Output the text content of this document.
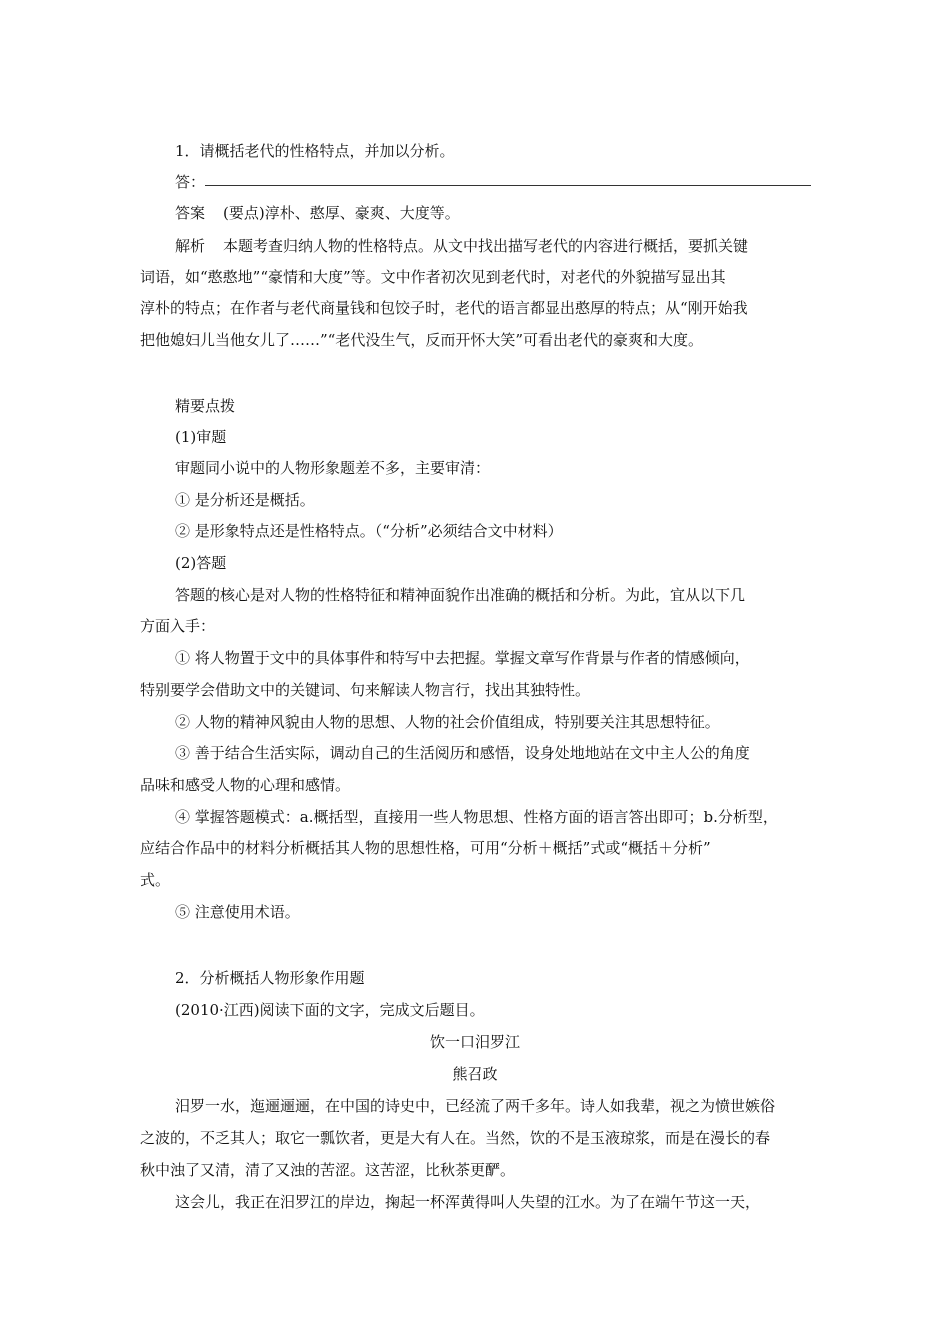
1．请概括老代的性格特点，并加以分析。
答：
答案 (要点)淳朴、憨厚、豪爽、大度等。
解析 本题考查归纳人物的性格特点。从文中找出描写老代的内容进行概括，要抓关键
词语，如“憨憨地”“豪情和大度”等。文中作者初次见到老代时，对老代的外貌描写显出其
淳朴的特点；在作者与老代商量钱和包饺子时，老代的语言都显出憨厚的特点；从“刚开始我
把他媳妇儿当他女儿了……”“老代没生气，反而开怀大笑”可看出老代的豪爽和大度。
精要点拨
(1)审题
审题同小说中的人物形象题差不多，主要审清：
① 是分析还是概括。
② 是形象特点还是性格特点。（“分析”必须结合文中材料）
(2)答题
答题的核心是对人物的性格特征和精神面貌作出准确的概括和分析。为此，宜从以下几
方面入手：
① 将人物置于文中的具体事件和特写中去把握。掌握文章写作背景与作者的情感倾向，
特别要学会借助文中的关键词、句来解读人物言行，找出其独特性。
② 人物的精神风貌由人物的思想、人物的社会价值组成，特别要关注其思想特征。
③ 善于结合生活实际，调动自己的生活阅历和感悟，设身处地地站在文中主人公的角度
品味和感受人物的心理和感情。
④ 掌握答题模式：a.概括型，直接用一些人物思想、性格方面的语言答出即可；b.分析型，
应结合作品中的材料分析概括其人物的思想性格，可用“分析＋概括”式或“概括＋分析”
式。
⑤ 注意使用术语。
2．分析概括人物形象作用题
(2010·江西)阅读下面的文字，完成文后题目。
饮一口汨罗江
熊召政
汨罗一水，迤逦逦逦，在中国的诗史中，已经流了两千多年。诗人如我辈，视之为愤世嫉俗
之波的，不乏其人；取它一瓢饮者，更是大有人在。当然，饮的不是玉液琼浆，而是在漫长的春
秋中浊了又清，清了又浊的苦涩。这苦涩，比秋茶更酽。
这会儿，我正在汨罗江的岸边，掬起一杯浑黄得叫人失望的江水。为了在端午节这一天，
